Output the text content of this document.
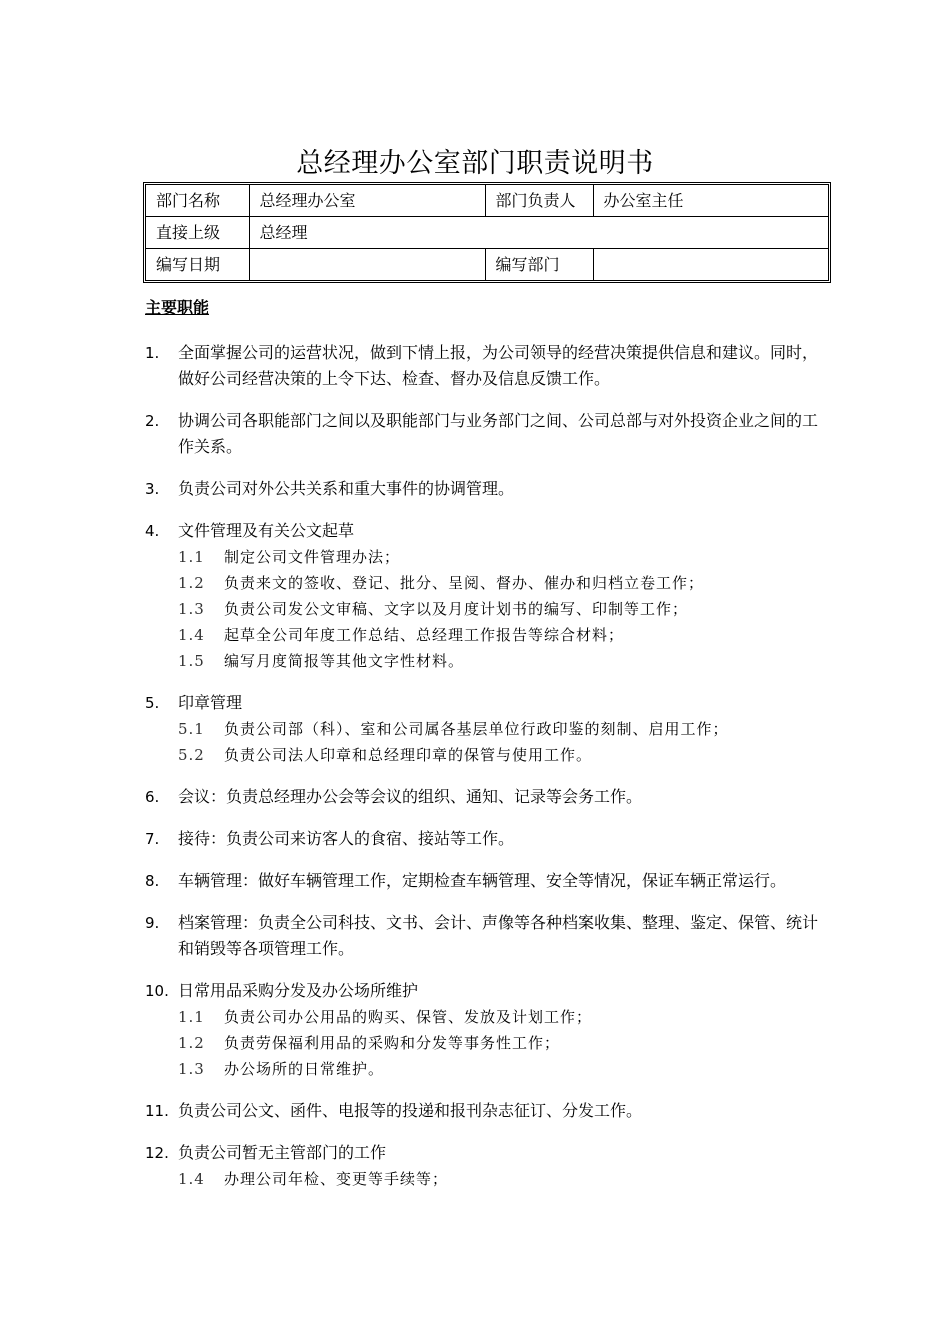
总经理办公室部门职责说明书
部门名称	总经理办公室	部门负责人	办公室主任
直接上级	总经理		
编写日期		编写部门	
主要职能
1.	全面掌握公司的运营状况，做到下情上报，为公司领导的经营决策提供信息和建议。同时，做好公司经营决策的上令下达、检查、督办及信息反馈工作。
2.	协调公司各职能部门之间以及职能部门与业务部门之间、公司总部与对外投资企业之间的工作关系。
3.	负责公司对外公共关系和重大事件的协调管理。
4.	文件管理及有关公文起草
1.1	制定公司文件管理办法；
1.2	负责来文的签收、登记、批分、呈阅、督办、催办和归档立卷工作；
1.3	负责公司发公文审稿、文字以及月度计划书的编写、印制等工作；
1.4	起草全公司年度工作总结、总经理工作报告等综合材料；
1.5	编写月度简报等其他文字性材料。
5.	印章管理
5.1	负责公司部（科）、室和公司属各基层单位行政印鉴的刻制、启用工作；
5.2	负责公司法人印章和总经理印章的保管与使用工作。
6.	会议：负责总经理办公会等会议的组织、通知、记录等会务工作。
7.	接待：负责公司来访客人的食宿、接站等工作。
8.	车辆管理：做好车辆管理工作，定期检查车辆管理、安全等情况，保证车辆正常运行。
9.	档案管理：负责全公司科技、文书、会计、声像等各种档案收集、整理、鉴定、保管、统计和销毁等各项管理工作。
10. 日常用品采购分发及办公场所维护
1.1	负责公司办公用品的购买、保管、发放及计划工作；
1.2	负责劳保福利用品的采购和分发等事务性工作；
1.3	办公场所的日常维护。
11. 负责公司公文、函件、电报等的投递和报刊杂志征订、分发工作。
12. 负责公司暂无主管部门的工作
1.4	办理公司年检、变更等手续等；
